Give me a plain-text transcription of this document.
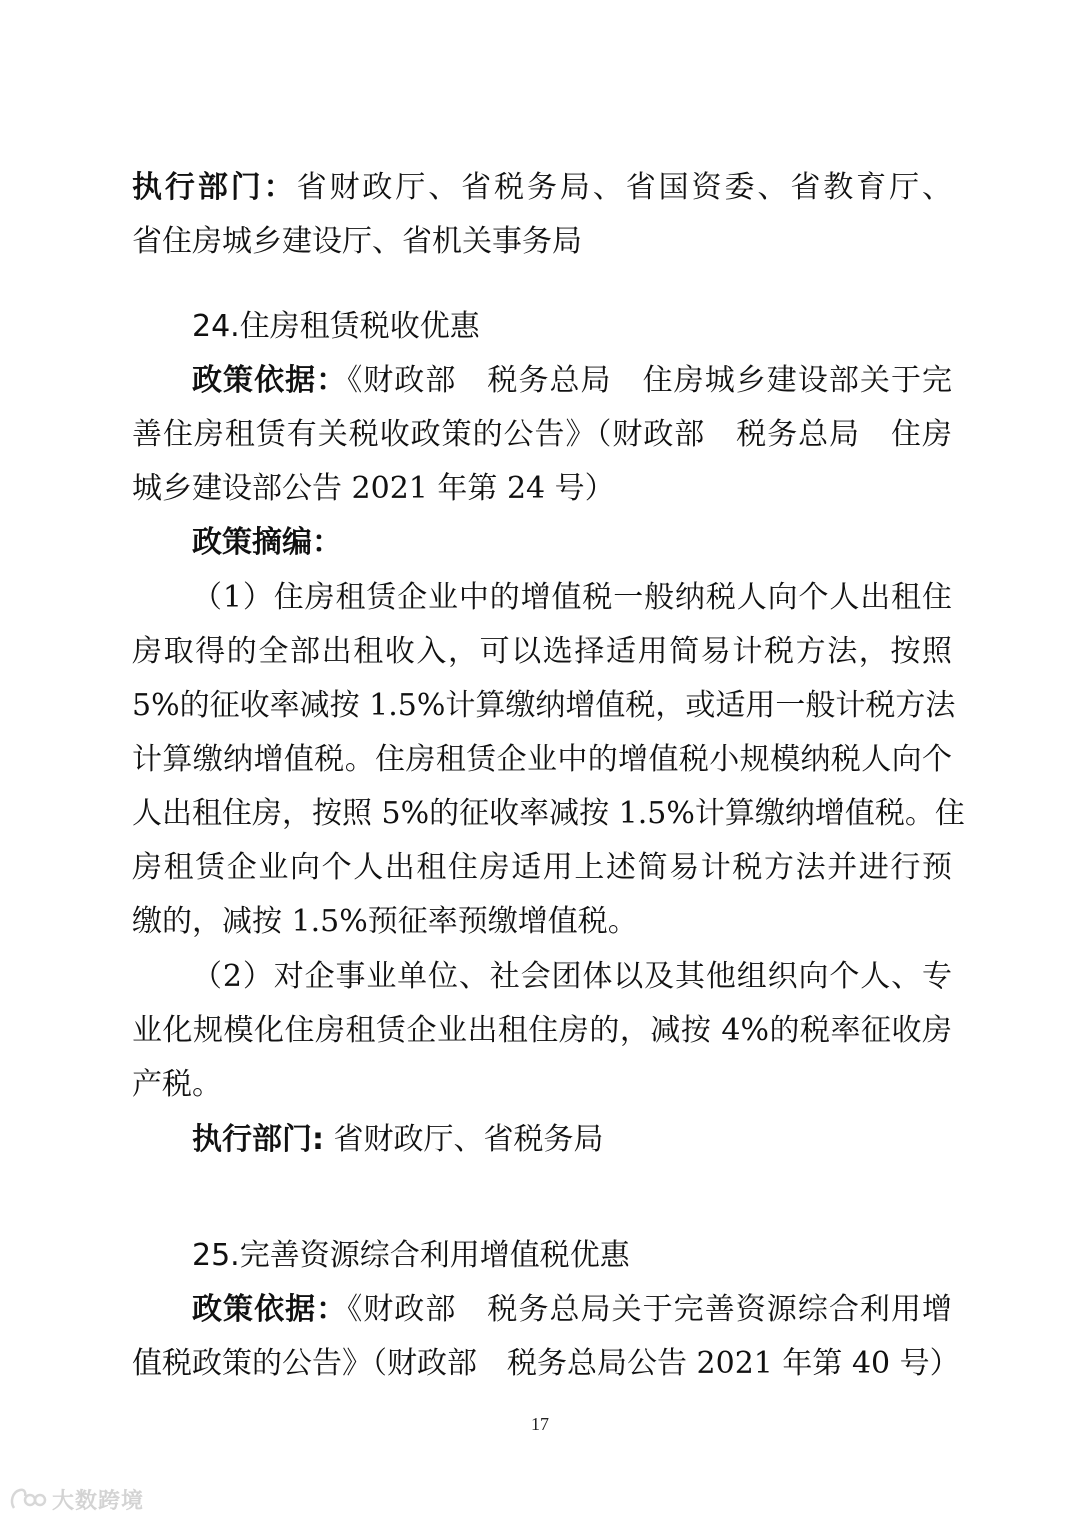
执行部门：省财政厅、省税务局、省国资委、省教育厅、
省住房城乡建设厅、省机关事务局
24.住房租赁税收优惠
政策依据：《财政部　税务总局　住房城乡建设部关于完
善住房租赁有关税收政策的公告》（财政部　税务总局　住房
城乡建设部公告 2021 年第 24 号）
政策摘编：
（1）住房租赁企业中的增值税一般纳税人向个人出租住
房取得的全部出租收入，可以选择适用简易计税方法，按照
5%的征收率减按 1.5%计算缴纳增值税，或适用一般计税方法
计算缴纳增值税。住房租赁企业中的增值税小规模纳税人向个
人出租住房，按照 5%的征收率减按 1.5%计算缴纳增值税。住
房租赁企业向个人出租住房适用上述简易计税方法并进行预
缴的，减按 1.5%预征率预缴增值税。
（2）对企事业单位、社会团体以及其他组织向个人、专
业化规模化住房租赁企业出租住房的，减按 4%的税率征收房
产税。
执行部门: 省财政厅、省税务局
25.完善资源综合利用增值税优惠
政策依据：《财政部　税务总局关于完善资源综合利用增
值税政策的公告》（财政部　税务总局公告 2021 年第 40 号）
17
大数跨境
